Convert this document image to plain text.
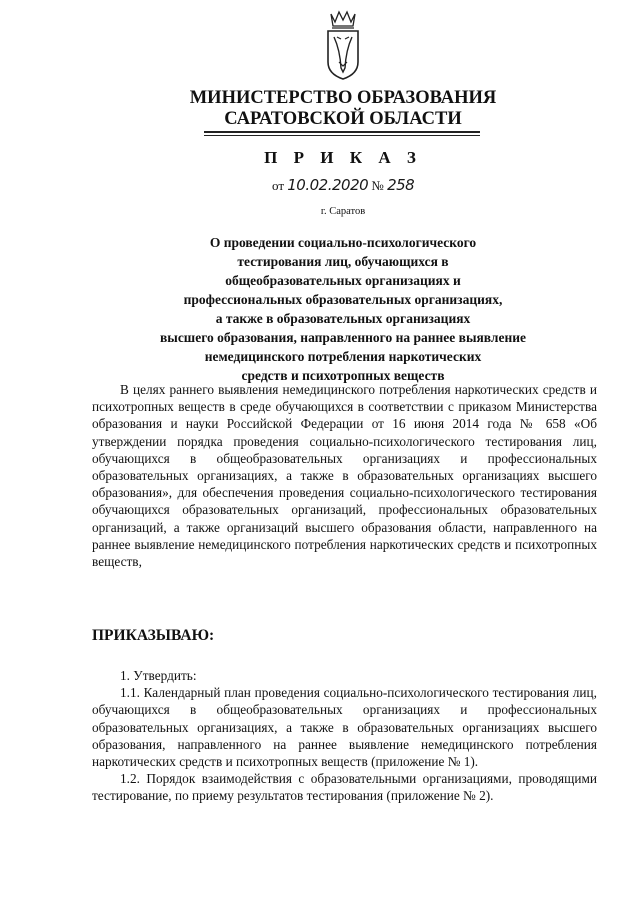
МИНИСТЕРСТВО ОБРАЗОВАНИЯ
САРАТОВСКОЙ ОБЛАСТИ
П Р И К А З
от 10.02.2020 № 258
г. Саратов
О проведении социально-психологического
тестирования лиц, обучающихся в
общеобразовательных организациях и
профессиональных образовательных организациях,
а также в образовательных организациях
высшего образования, направленного на раннее выявление
немедицинского потребления наркотических
средств и психотропных веществ

В целях раннего выявления немедицинского потребления наркотических средств и психотропных веществ в среде обучающихся в соответствии с приказом Министерства образования и науки Российской Федерации от 16 июня 2014 года № 658 «Об утверждении порядка проведения социально-психологического тестирования лиц, обучающихся в общеобразовательных организациях и профессиональных образовательных организациях, а также в образовательных организациях высшего образования», для обеспечения проведения социально-психологического тестирования обучающихся образовательных организаций, профессиональных образовательных организаций, а также организаций высшего образования области, направленного на раннее выявление немедицинского потребления наркотических средств и психотропных веществ,

ПРИКАЗЫВАЮ:

1. Утвердить:

1.1. Календарный план проведения социально-психологического тестирования лиц, обучающихся в общеобразовательных организациях и профессиональных образовательных организациях, а также в образовательных организациях высшего образования, направленного на раннее выявление немедицинского потребления наркотических средств и психотропных веществ (приложение № 1).

1.2. Порядок взаимодействия с образовательными организациями, проводящими тестирование, по приему результатов тестирования (приложение № 2).
